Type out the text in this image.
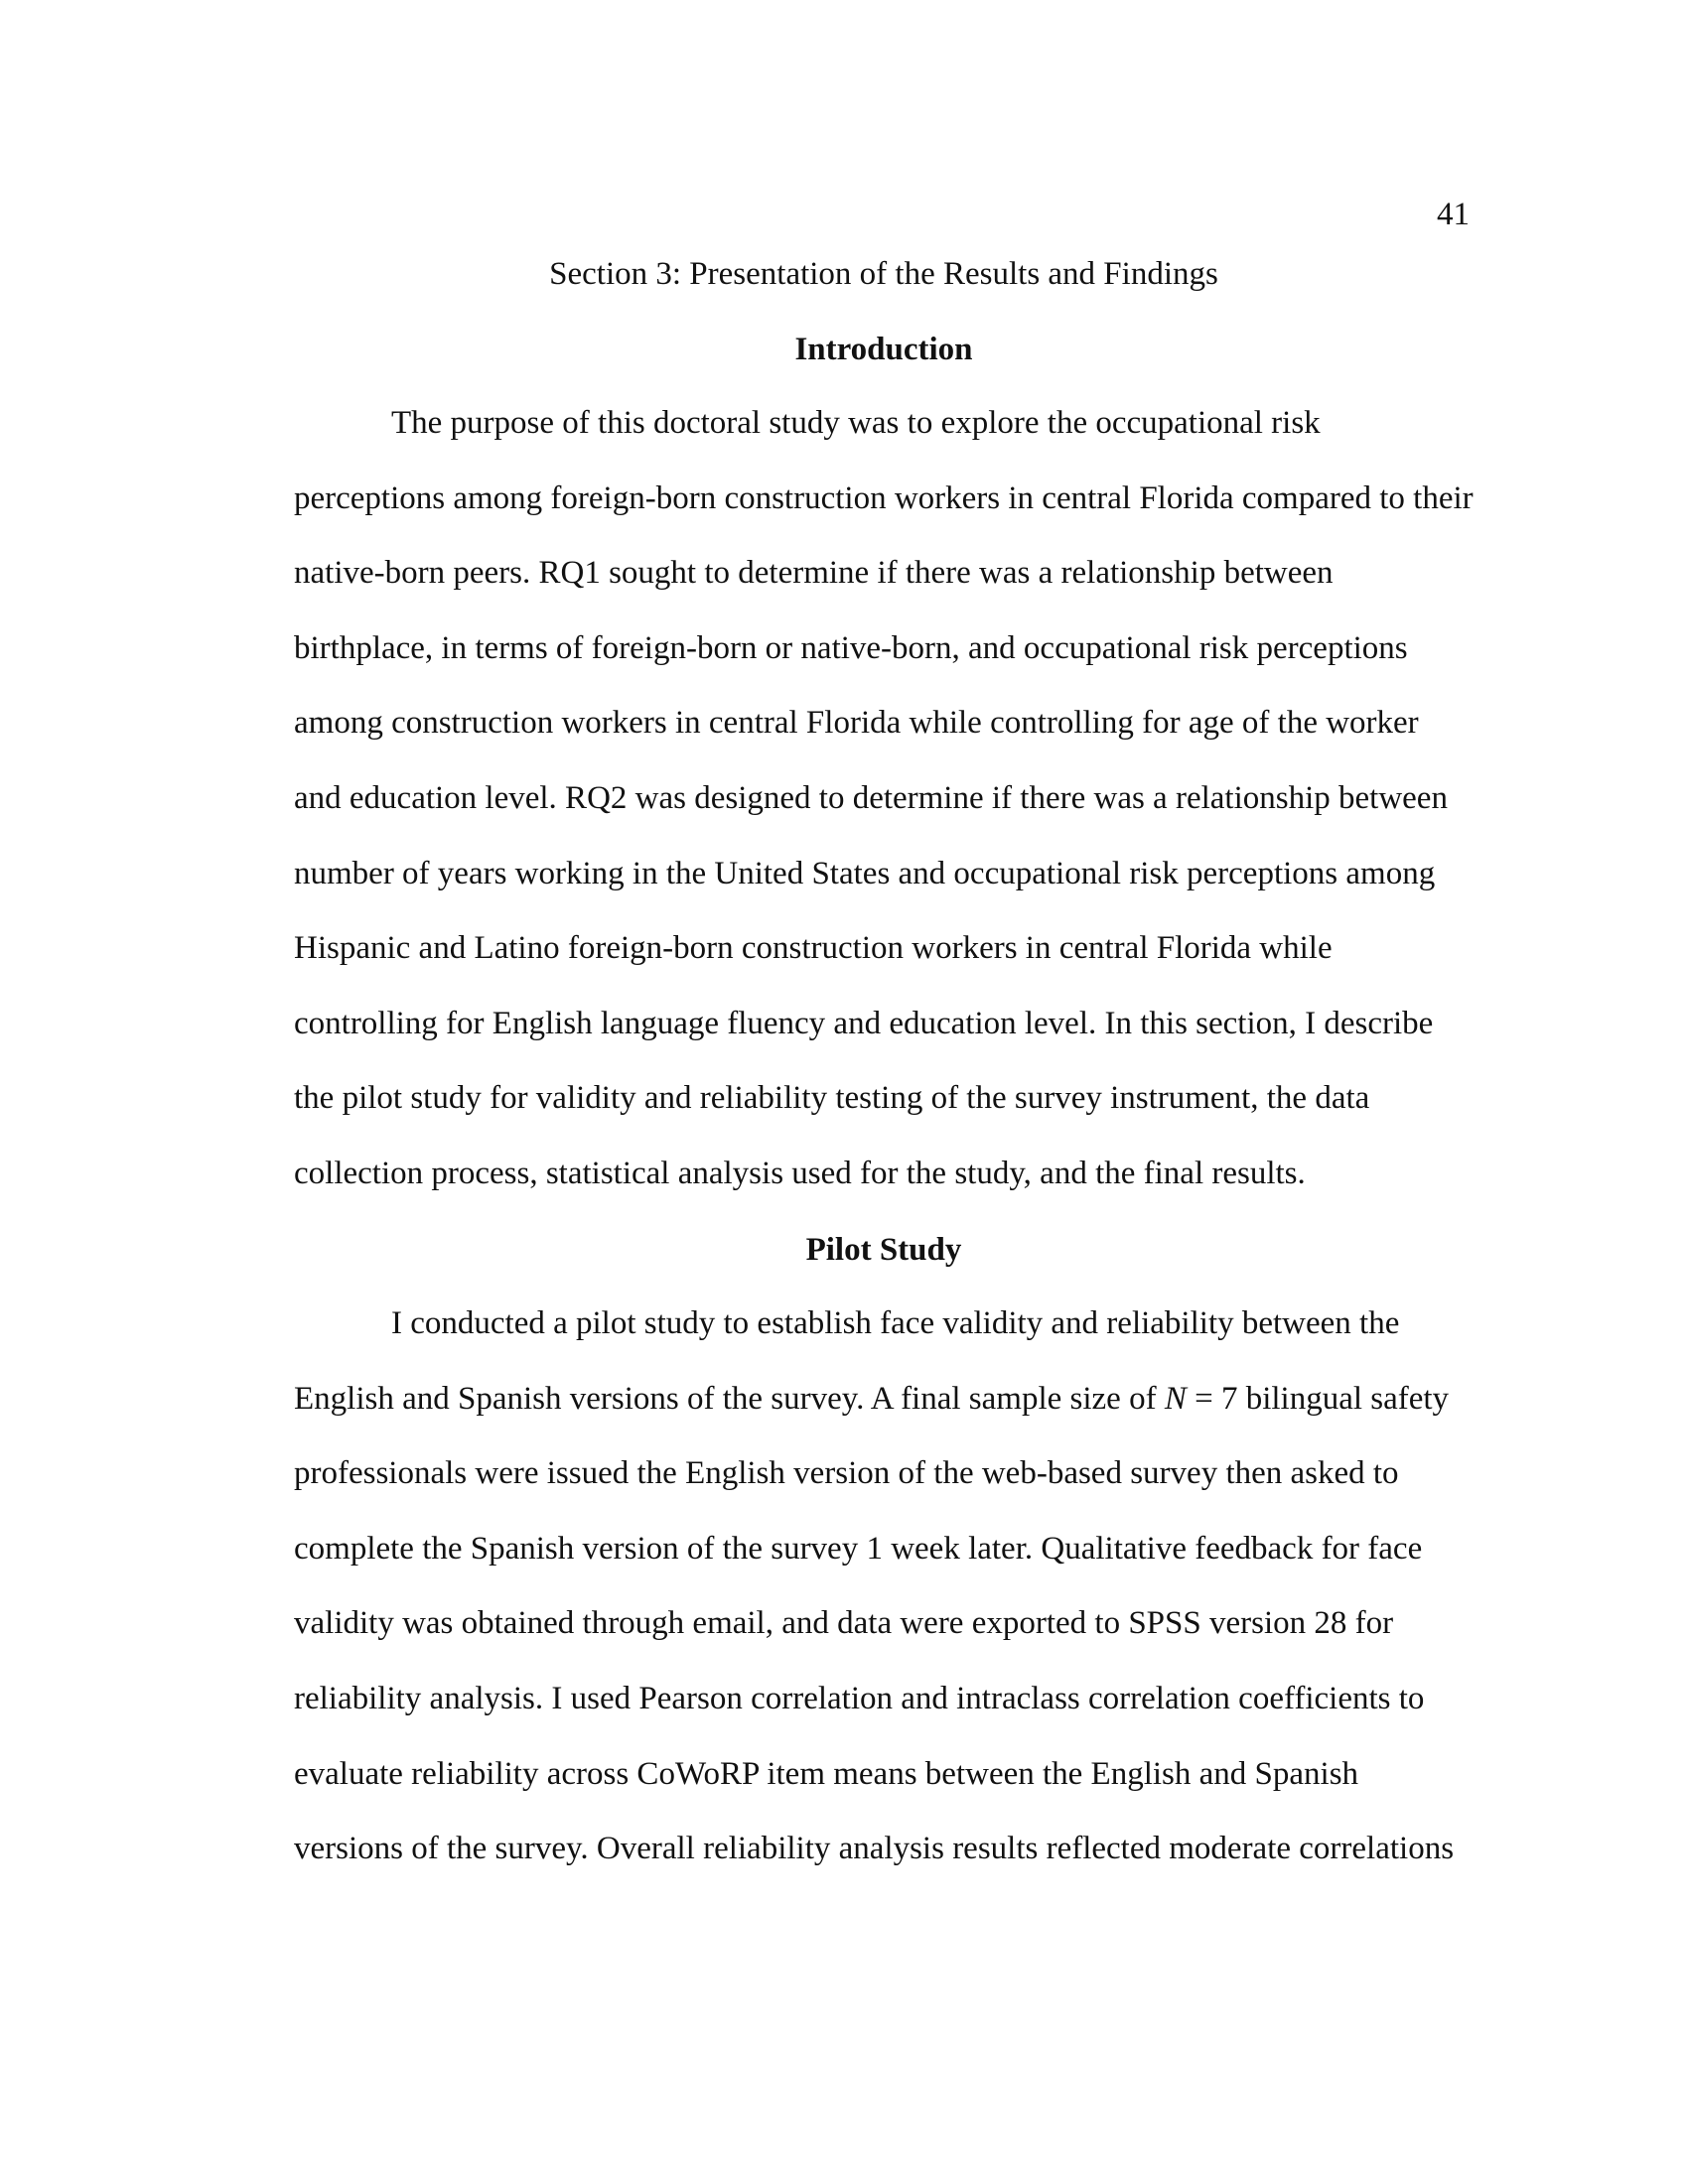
41
Section 3: Presentation of the Results and Findings
Introduction
The purpose of this doctoral study was to explore the occupational risk
perceptions among foreign-born construction workers in central Florida compared to their
native-born peers. RQ1 sought to determine if there was a relationship between
birthplace, in terms of foreign-born or native-born, and occupational risk perceptions
among construction workers in central Florida while controlling for age of the worker
and education level. RQ2 was designed to determine if there was a relationship between
number of years working in the United States and occupational risk perceptions among
Hispanic and Latino foreign-born construction workers in central Florida while
controlling for English language fluency and education level. In this section, I describe
the pilot study for validity and reliability testing of the survey instrument, the data
collection process, statistical analysis used for the study, and the final results.
Pilot Study
I conducted a pilot study to establish face validity and reliability between the
English and Spanish versions of the survey. A final sample size of N = 7 bilingual safety
professionals were issued the English version of the web-based survey then asked to
complete the Spanish version of the survey 1 week later. Qualitative feedback for face
validity was obtained through email, and data were exported to SPSS version 28 for
reliability analysis. I used Pearson correlation and intraclass correlation coefficients to
evaluate reliability across CoWoRP item means between the English and Spanish
versions of the survey. Overall reliability analysis results reflected moderate correlations
